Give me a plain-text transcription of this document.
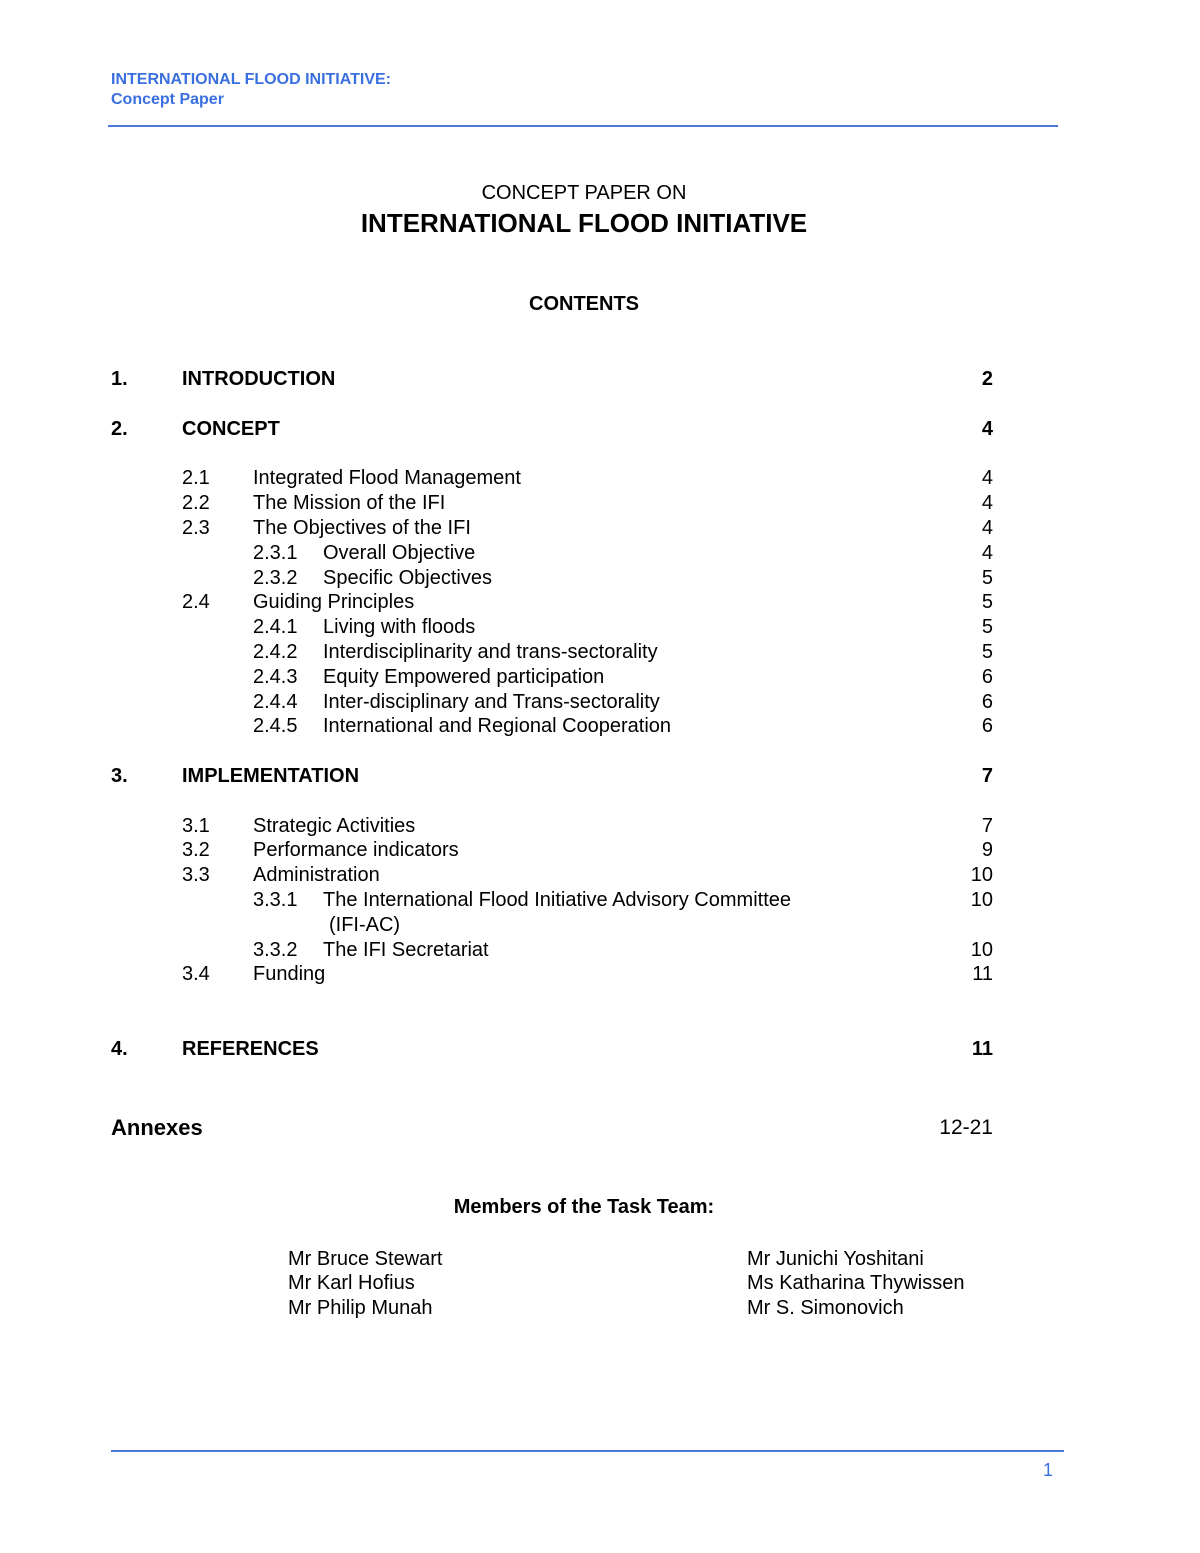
INTERNATIONAL FLOOD INITIATIVE:
Concept Paper
CONCEPT PAPER ON
INTERNATIONAL FLOOD INITIATIVE
CONTENTS
1.	INTRODUCTION	2
2.	CONCEPT	4
2.1 Integrated Flood Management	4
2.2 The Mission of the IFI	4
2.3 The Objectives of the IFI	4
2.3.1 Overall Objective	4
2.3.2 Specific Objectives	5
2.4 Guiding Principles	5
2.4.1 Living with floods	5
2.4.2 Interdisciplinarity and trans-sectorality	5
2.4.3 Equity Empowered participation	6
2.4.4 Inter-disciplinary and Trans-sectorality	6
2.4.5 International and Regional Cooperation	6
3.	IMPLEMENTATION	7
3.1 Strategic Activities	7
3.2 Performance indicators	9
3.3 Administration	10
3.3.1 The International Flood Initiative Advisory Committee	10
(IFI-AC)
3.3.2 The IFI Secretariat	10
3.4 Funding	11
4.	REFERENCES	11
Annexes	12-21
Members of the Task Team:
Mr Bruce Stewart
Mr Karl Hofius
Mr Philip Munah
Mr Junichi Yoshitani
Ms Katharina Thywissen
Mr S. Simonovich
1
